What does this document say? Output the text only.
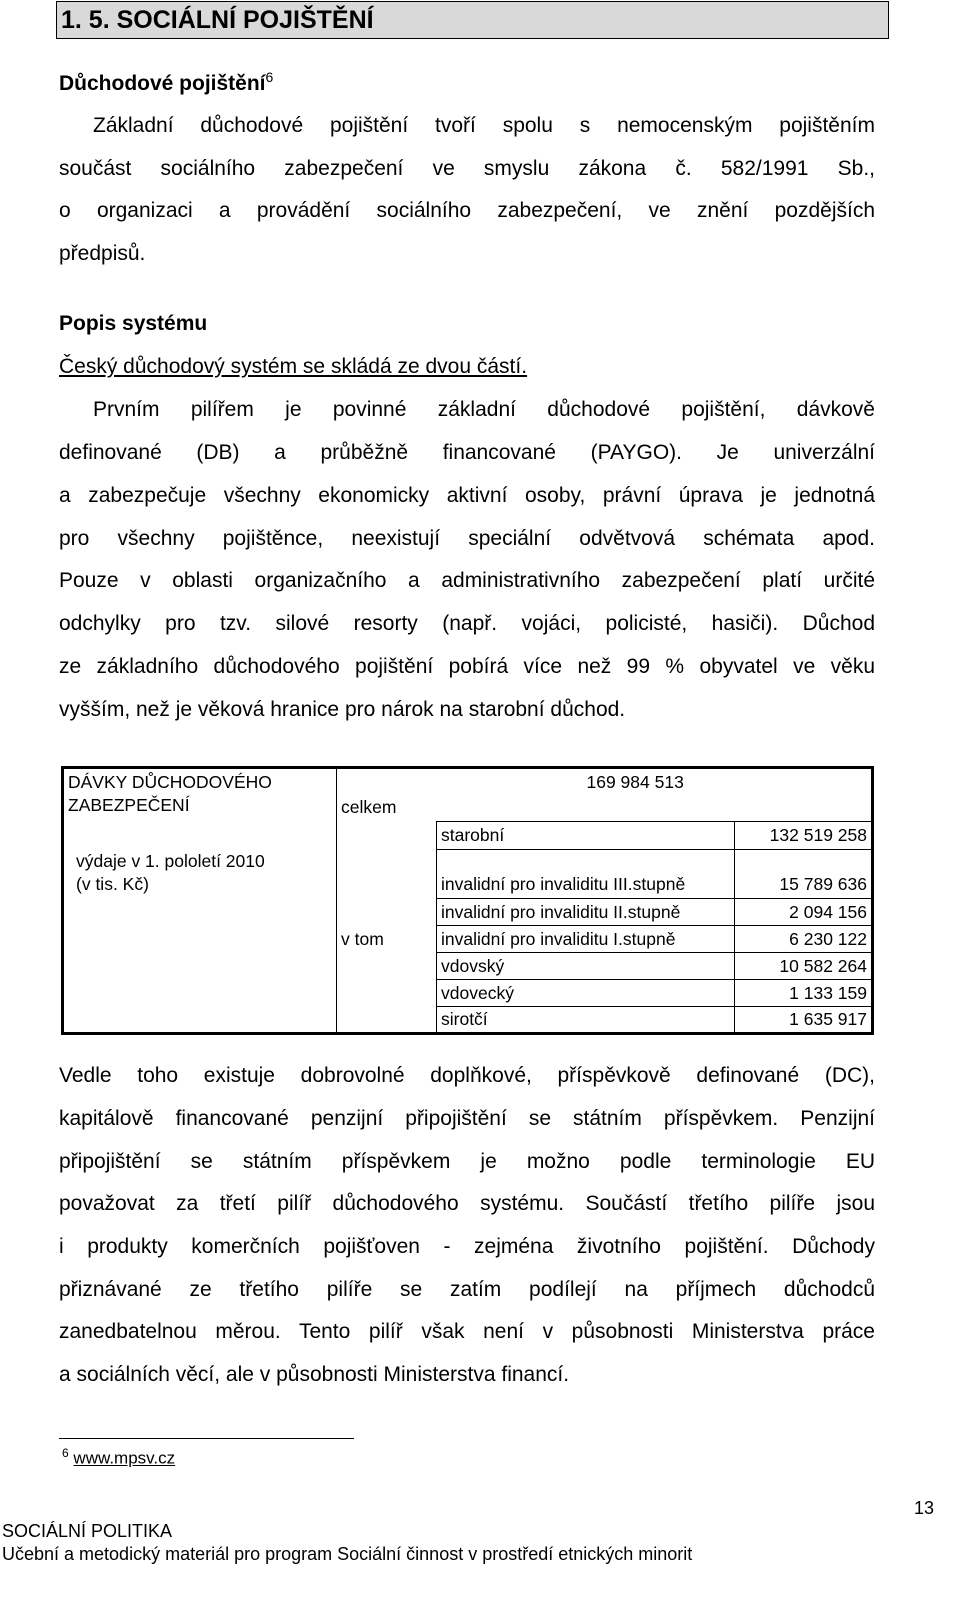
1. 5. SOCIÁLNÍ POJIŠTĚNÍ
Důchodové pojištění$^6$
Základní důchodové pojištění tvoří spolu s nemocenským pojištěním
součást sociálního zabezpečení ve smyslu zákona č. 582/1991 Sb.,
o organizaci a provádění sociálního zabezpečení, ve znění pozdějších
předpisů.
Popis systému
Český důchodový systém se skládá ze dvou částí.
Prvním pilířem je povinné základní důchodové pojištění, dávkově
definované (DB) a průběžně financované (PAYGO). Je univerzální
a zabezpečuje všechny ekonomicky aktivní osoby, právní úprava je jednotná
pro všechny pojištěnce, neexistují speciální odvětvová schémata apod.
Pouze v oblasti organizačního a administrativního zabezpečení platí určité
odchylky pro tzv. silové resorty (např. vojáci, policisté, hasiči). Důchod
ze základního důchodového pojištění pobírá více než 99 % obyvatel ve věku
vyšším, než je věková hranice pro nárok na starobní důchod.
DÁVKY DŮCHODOVÉHO
ZABEZPEČENÍ	celkem	169 984 513	

výdaje v 1. pololetí 2010
(v tis. Kč)		starobní	132 519 258
		invalidní pro invaliditu III.stupně	15 789 636
		invalidní pro invaliditu II.stupně	2 094 156
	v tom	invalidní pro invaliditu I.stupně	6 230 122
		vdovský	10 582 264
		vdovecký	1 133 159
		sirotčí	1 635 917
Vedle toho existuje dobrovolné doplňkové, příspěvkově definované (DC),
kapitálově financované penzijní připojištění se státním příspěvkem. Penzijní
připojištění se státním příspěvkem je možno podle terminologie EU
považovat za třetí pilíř důchodového systému. Součástí třetího pilíře jsou
i produkty komerčních pojišťoven - zejména životního pojištění. Důchody
přiznávané ze třetího pilíře se zatím podílejí na příjmech důchodců
zanedbatelnou měrou. Tento pilíř však není v působnosti Ministerstva práce
a sociálních věcí, ale v působnosti Ministerstva financí.
$^6$ www.mpsv.cz
13
SOCIÁLNÍ POLITIKA
Učební a metodický materiál pro program Sociální činnost v prostředí etnických minorit
